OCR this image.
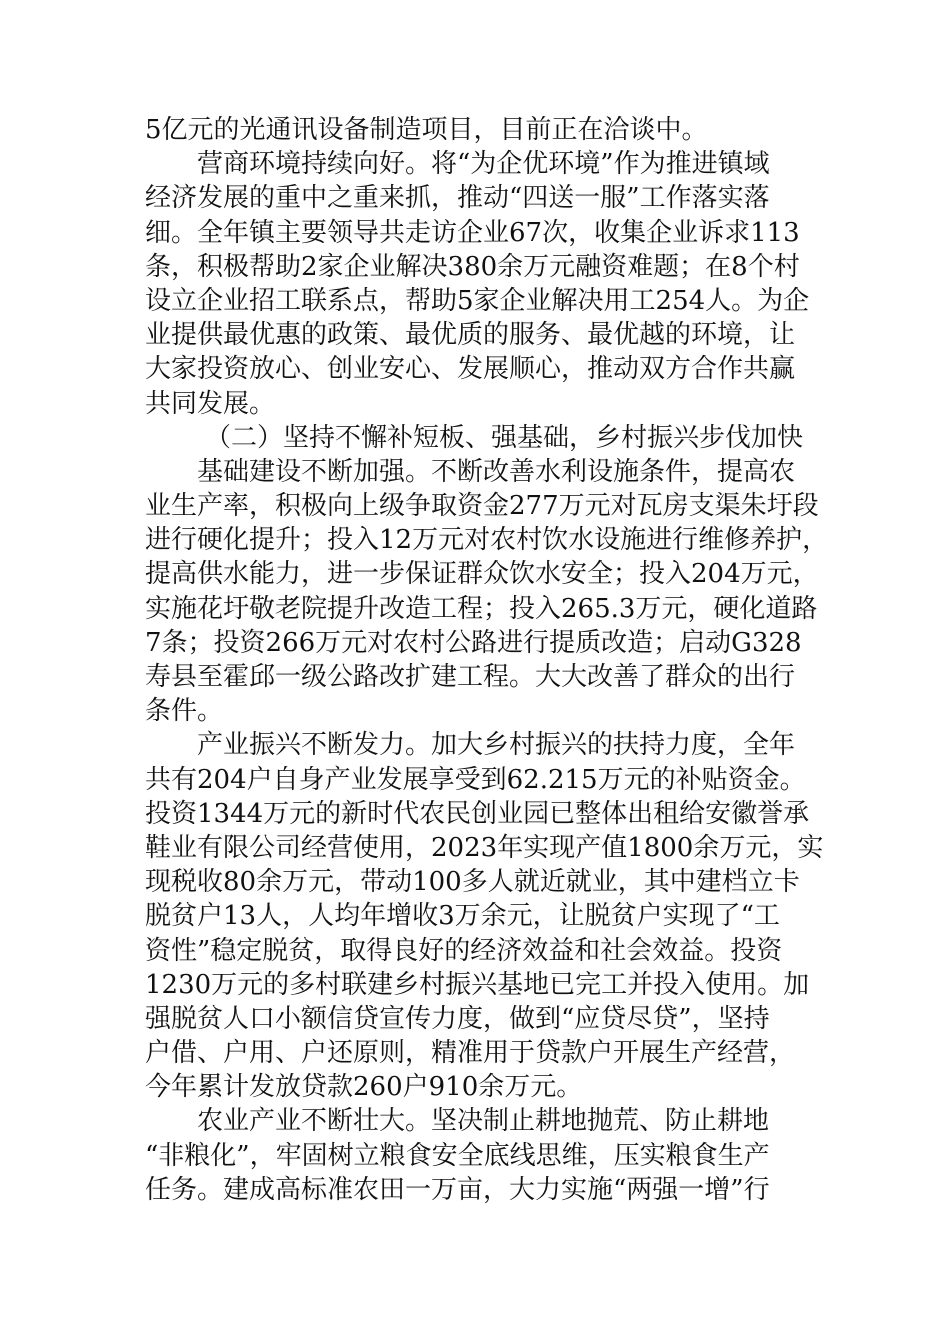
5亿元的光通讯设备制造项目，目前正在洽谈中。
营商环境持续向好。将“为企优环境”作为推进镇域
经济发展的重中之重来抓，推动“四送一服”工作落实落
细。全年镇主要领导共走访企业67次，收集企业诉求113
条，积极帮助2家企业解决380余万元融资难题；在8个村
设立企业招工联系点，帮助5家企业解决用工254人。为企
业提供最优惠的政策、最优质的服务、最优越的环境，让
大家投资放心、创业安心、发展顺心，推动双方合作共赢
共同发展。
（二）坚持不懈补短板、强基础，乡村振兴步伐加快
基础建设不断加强。不断改善水利设施条件，提高农
业生产率，积极向上级争取资金277万元对瓦房支渠朱圩段
进行硬化提升；投入12万元对农村饮水设施进行维修养护，
提高供水能力，进一步保证群众饮水安全；投入204万元，
实施花圩敬老院提升改造工程；投入265.3万元，硬化道路
7条；投资266万元对农村公路进行提质改造；启动G328
寿县至霍邱一级公路改扩建工程。大大改善了群众的出行
条件。
产业振兴不断发力。加大乡村振兴的扶持力度，全年
共有204户自身产业发展享受到62.215万元的补贴资金。
投资1344万元的新时代农民创业园已整体出租给安徽誉承
鞋业有限公司经营使用，2023年实现产值1800余万元，实
现税收80余万元，带动100多人就近就业，其中建档立卡
脱贫户13人，人均年增收3万余元，让脱贫户实现了“工
资性”稳定脱贫，取得良好的经济效益和社会效益。投资
1230万元的多村联建乡村振兴基地已完工并投入使用。加
强脱贫人口小额信贷宣传力度，做到“应贷尽贷”，坚持
户借、户用、户还原则，精准用于贷款户开展生产经营，
今年累计发放贷款260户910余万元。
农业产业不断壮大。坚决制止耕地抛荒、防止耕地
“非粮化”，牢固树立粮食安全底线思维，压实粮食生产
任务。建成高标准农田一万亩，大力实施“两强一增”行
